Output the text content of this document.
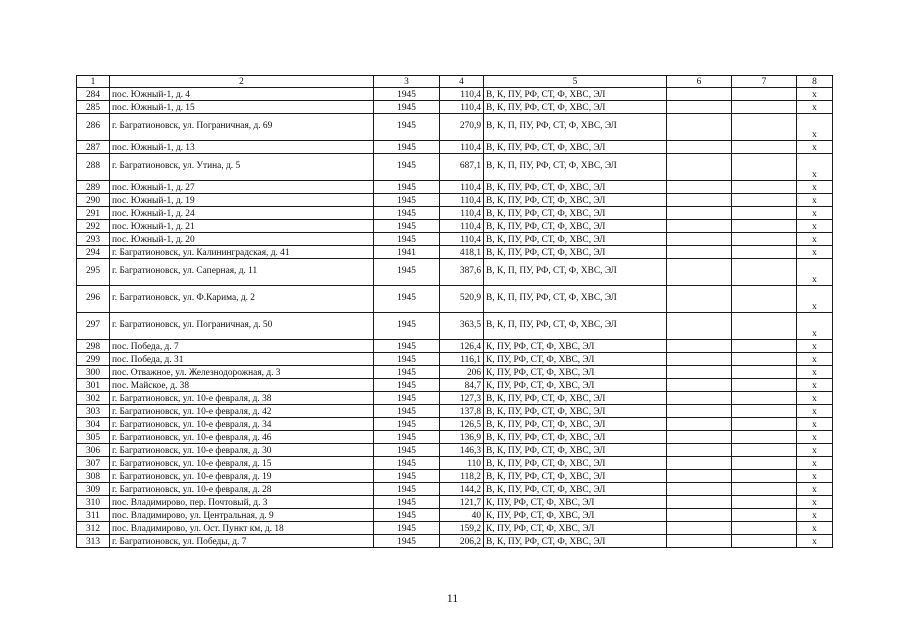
1	2	3	4	5	6	7	8
284	пос. Южный-1, д. 4	1945	110,4	В, К, ПУ, РФ, СТ, Ф, ХВС, ЭЛ			х
285	пос. Южный-1, д. 15	1945	110,4	В, К, ПУ, РФ, СТ, Ф, ХВС, ЭЛ			х
286	г. Багратионовск, ул. Пограничная, д. 69	1945	270,9	В, К, П, ПУ, РФ, СТ, Ф, ХВС, ЭЛ			х
287	пос. Южный-1, д. 13	1945	110,4	В, К, ПУ, РФ, СТ, Ф, ХВС, ЭЛ			х
288	г. Багратионовск, ул. Утина, д. 5	1945	687,1	В, К, П, ПУ, РФ, СТ, Ф, ХВС, ЭЛ			х
289	пос. Южный-1, д. 27	1945	110,4	В, К, ПУ, РФ, СТ, Ф, ХВС, ЭЛ			х
290	пос. Южный-1, д. 19	1945	110,4	В, К, ПУ, РФ, СТ, Ф, ХВС, ЭЛ			х
291	пос. Южный-1, д. 24	1945	110,4	В, К, ПУ, РФ, СТ, Ф, ХВС, ЭЛ			х
292	пос. Южный-1, д. 21	1945	110,4	В, К, ПУ, РФ, СТ, Ф, ХВС, ЭЛ			х
293	пос. Южный-1, д. 20	1945	110,4	В, К, ПУ, РФ, СТ, Ф, ХВС, ЭЛ			х
294	г. Багратионовск, ул. Калининградская, д. 41	1941	418,1	В, К, ПУ, РФ, СТ, Ф, ХВС, ЭЛ			х
295	г. Багратионовск, ул. Саперная, д. 11	1945	387,6	В, К, П, ПУ, РФ, СТ, Ф, ХВС, ЭЛ			х
296	г. Багратионовск, ул. Ф.Карима, д. 2	1945	520,9	В, К, П, ПУ, РФ, СТ, Ф, ХВС, ЭЛ			х
297	г. Багратионовск, ул. Пограничная, д. 50	1945	363,5	В, К, П, ПУ, РФ, СТ, Ф, ХВС, ЭЛ			х
298	пос. Победа, д. 7	1945	126,4	К, ПУ, РФ, СТ, Ф, ХВС, ЭЛ			х
299	пос. Победа, д. 31	1945	116,1	К, ПУ, РФ, СТ, Ф, ХВС, ЭЛ			х
300	пос. Отважное, ул. Железнодорожная, д. 3	1945	206	К, ПУ, РФ, СТ, Ф, ХВС, ЭЛ			х
301	пос. Майское, д. 38	1945	84,7	К, ПУ, РФ, СТ, Ф, ХВС, ЭЛ			х
302	г. Багратионовск, ул. 10-е февраля, д. 38	1945	127,3	В, К, ПУ, РФ, СТ, Ф, ХВС, ЭЛ			х
303	г. Багратионовск, ул. 10-е февраля, д. 42	1945	137,8	В, К, ПУ, РФ, СТ, Ф, ХВС, ЭЛ			х
304	г. Багратионовск, ул. 10-е февраля, д. 34	1945	126,5	В, К, ПУ, РФ, СТ, Ф, ХВС, ЭЛ			х
305	г. Багратионовск, ул. 10-е февраля, д. 46	1945	136,9	В, К, ПУ, РФ, СТ, Ф, ХВС, ЭЛ			х
306	г. Багратионовск, ул. 10-е февраля, д. 30	1945	146,3	В, К, ПУ, РФ, СТ, Ф, ХВС, ЭЛ			х
307	г. Багратионовск, ул. 10-е февраля, д. 15	1945	110	В, К, ПУ, РФ, СТ, Ф, ХВС, ЭЛ			х
308	г. Багратионовск, ул. 10-е февраля, д. 19	1945	118,2	В, К, ПУ, РФ, СТ, Ф, ХВС, ЭЛ			х
309	г. Багратионовск, ул. 10-е февраля, д. 28	1945	144,2	В, К, ПУ, РФ, СТ, Ф, ХВС, ЭЛ			х
310	пос. Владимирово, пер. Почтовый, д. 3	1945	121,7	К, ПУ, РФ, СТ, Ф, ХВС, ЭЛ			х
311	пос. Владимирово, ул. Центральная, д. 9	1945	40	К, ПУ, РФ, СТ, Ф, ХВС, ЭЛ			х
312	пос. Владимирово, ул. Ост. Пункт км, д. 18	1945	159,2	К, ПУ, РФ, СТ, Ф, ХВС, ЭЛ			х
313	г. Багратионовск, ул. Победы, д. 7	1945	206,2	В, К, ПУ, РФ, СТ, Ф, ХВС, ЭЛ			х
11
